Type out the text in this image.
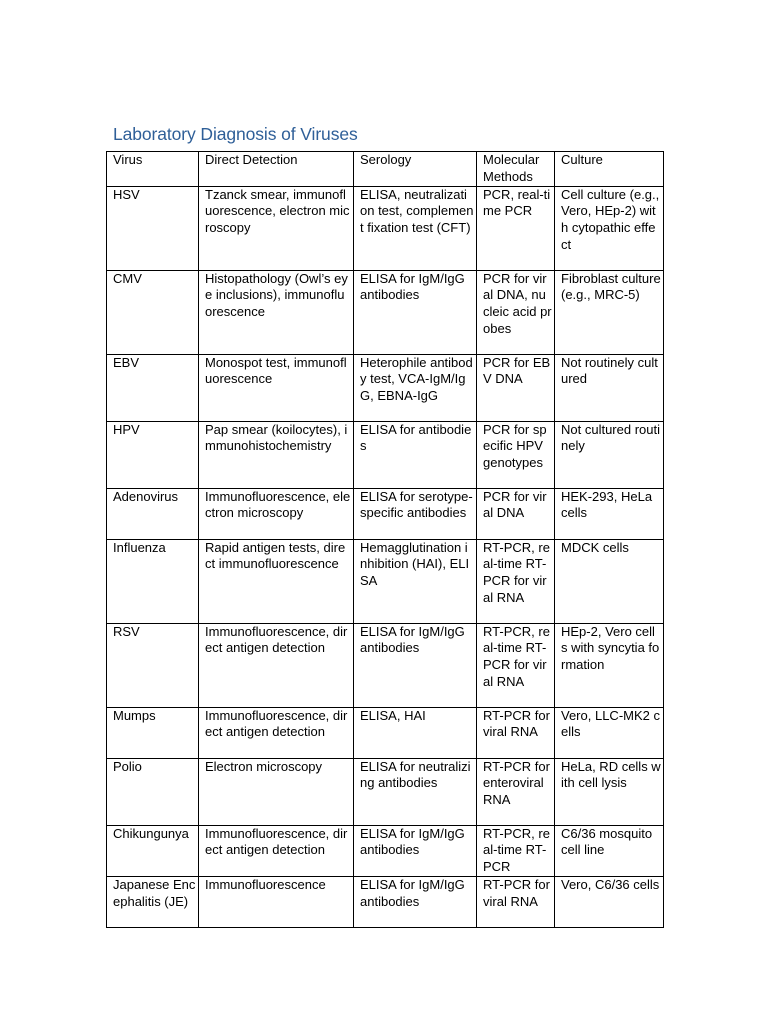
Laboratory Diagnosis of Viruses
Virus	Direct Detection	Serology	Molecular Methods	Culture
HSV	Tzanck smear, immunofluorescence, electron microscopy	ELISA, neutralization test, complement fixation test (CFT)	PCR, real-time PCR	Cell culture (e.g., Vero, HEp-2) with cytopathic effect
CMV	Histopathology (Owl’s eye inclusions), immunofluorescence	ELISA for IgM/IgG antibodies	PCR for viral DNA, nucleic acid probes	Fibroblast culture (e.g., MRC-5)
EBV	Monospot test, immunofluorescence	Heterophile antibody test, VCA-IgM/IgG, EBNA-IgG	PCR for EBV DNA	Not routinely cultured
HPV	Pap smear (koilocytes), immunohistochemistry	ELISA for antibodies	PCR for specific HPV genotypes	Not cultured routinely
Adenovirus	Immunofluorescence, electron microscopy	ELISA for serotype-specific antibodies	PCR for viral DNA	HEK-293, HeLa cells
Influenza	Rapid antigen tests, direct immunofluorescence	Hemagglutination inhibition (HAI), ELISA	RT-PCR, real-time RT-PCR for viral RNA	MDCK cells
RSV	Immunofluorescence, direct antigen detection	ELISA for IgM/IgG antibodies	RT-PCR, real-time RT-PCR for viral RNA	HEp-2, Vero cells with syncytia formation
Mumps	Immunofluorescence, direct antigen detection	ELISA, HAI	RT-PCR for viral RNA	Vero, LLC-MK2 cells
Polio	Electron microscopy	ELISA for neutralizing antibodies	RT-PCR for enteroviral RNA	HeLa, RD cells with cell lysis
Chikungunya	Immunofluorescence, direct antigen detection	ELISA for IgM/IgG antibodies	RT-PCR, real-time RT-PCR	C6/36 mosquito cell line
Japanese Encephalitis (JE)	Immunofluorescence	ELISA for IgM/IgG antibodies	RT-PCR for viral RNA	Vero, C6/36 cells
